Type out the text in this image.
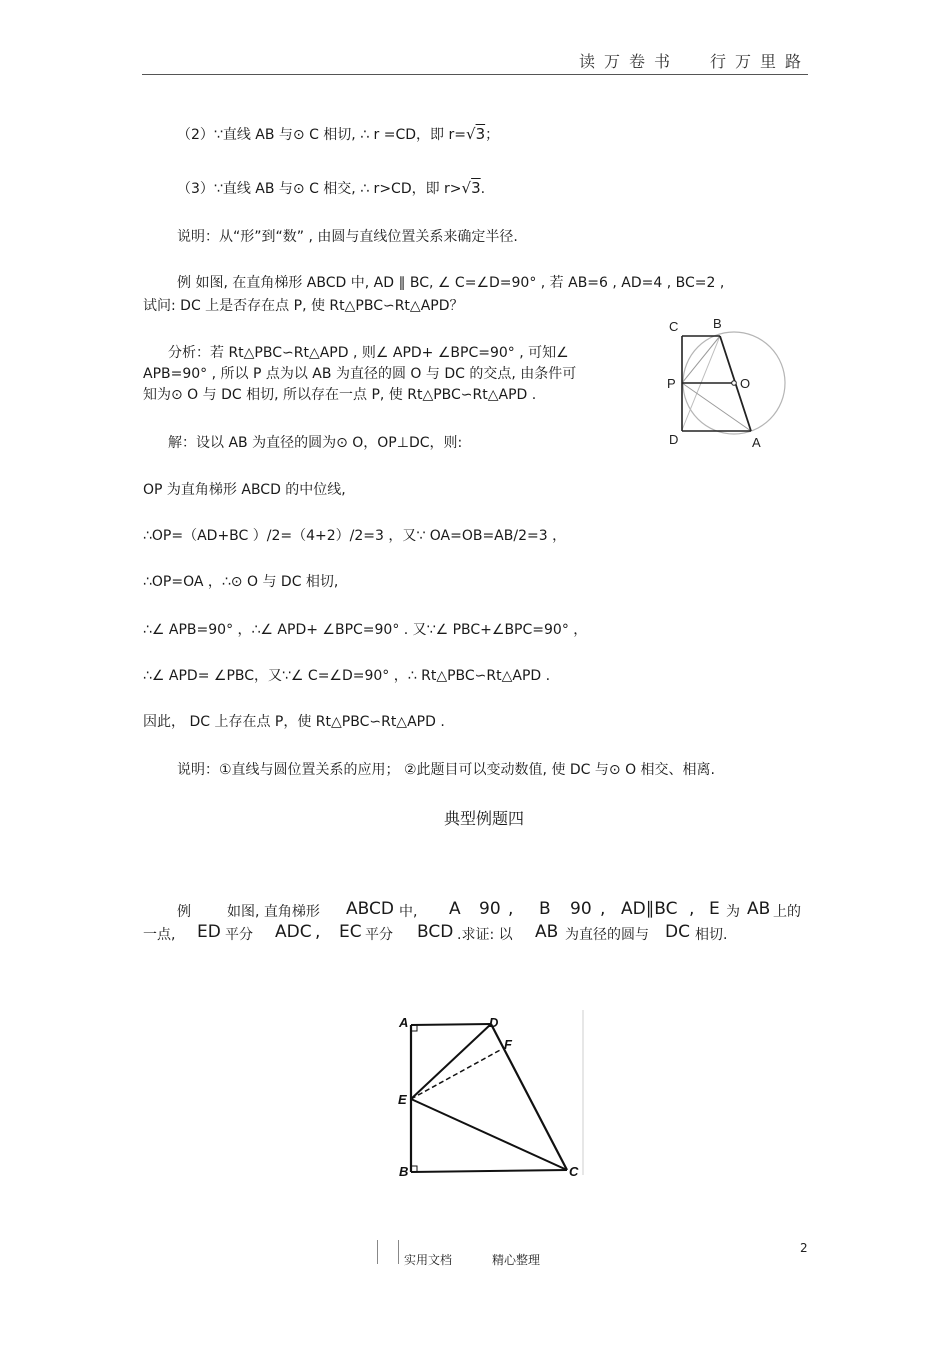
读万卷书 行万里路
（2）∵直线 AB 与⊙ C 相切, ∴ r =CD，即 r=√3；
（3）∵直线 AB 与⊙ C 相交, ∴ r>CD，即 r>√3.
说明：从“形”到“数” , 由圆与直线位置关系来确定半径.
例 如图, 在直角梯形 ABCD 中, AD ∥ BC, ∠ C=∠D=90° , 若 AB=6 , AD=4 , BC=2 ,
试问: DC 上是否存在点 P, 使 Rt△PBC∽Rt△APD？
分析：若 Rt△PBC∽Rt△APD , 则∠ APD+ ∠BPC=90° , 可知∠
APB=90° , 所以 P 点为以 AB 为直径的圆 O 与 DC 的交点, 由条件可
知为⊙ O 与 DC 相切, 所以存在一点 P, 使 Rt△PBC∽Rt△APD .
解：设以 AB 为直径的圆为⊙ O，OP⊥DC，则:
OP 为直角梯形 ABCD 的中位线,
∴OP=（AD+BC ）/2=（4+2）/2=3 ，又∵ OA=OB=AB/2=3 ，
∴OP=OA ，∴⊙ O 与 DC 相切,
∴∠ APB=90° ，∴∠ APD+ ∠BPC=90° . 又∵∠ PBC+∠BPC=90° ，
∴∠ APD= ∠PBC，又∵∠ C=∠D=90° ，∴ Rt△PBC∽Rt△APD .
因此， DC 上存在点 P，使 Rt△PBC∽Rt△APD .
说明：①直线与圆位置关系的应用； ②此题目可以变动数值, 使 DC 与⊙ O 相交、相离.
典型例题四
例	如图, 直角梯形 ABCD 中, A 90 , B 90 , AD∥BC , E 为 AB 上的
一点, ED 平分 ADC , EC 平分 BCD .求证: 以 AB 为直径的圆与 DC 相切.
C	B
P	O
D	A
A	D
F
E
B	C
实用文档	精心整理
2
